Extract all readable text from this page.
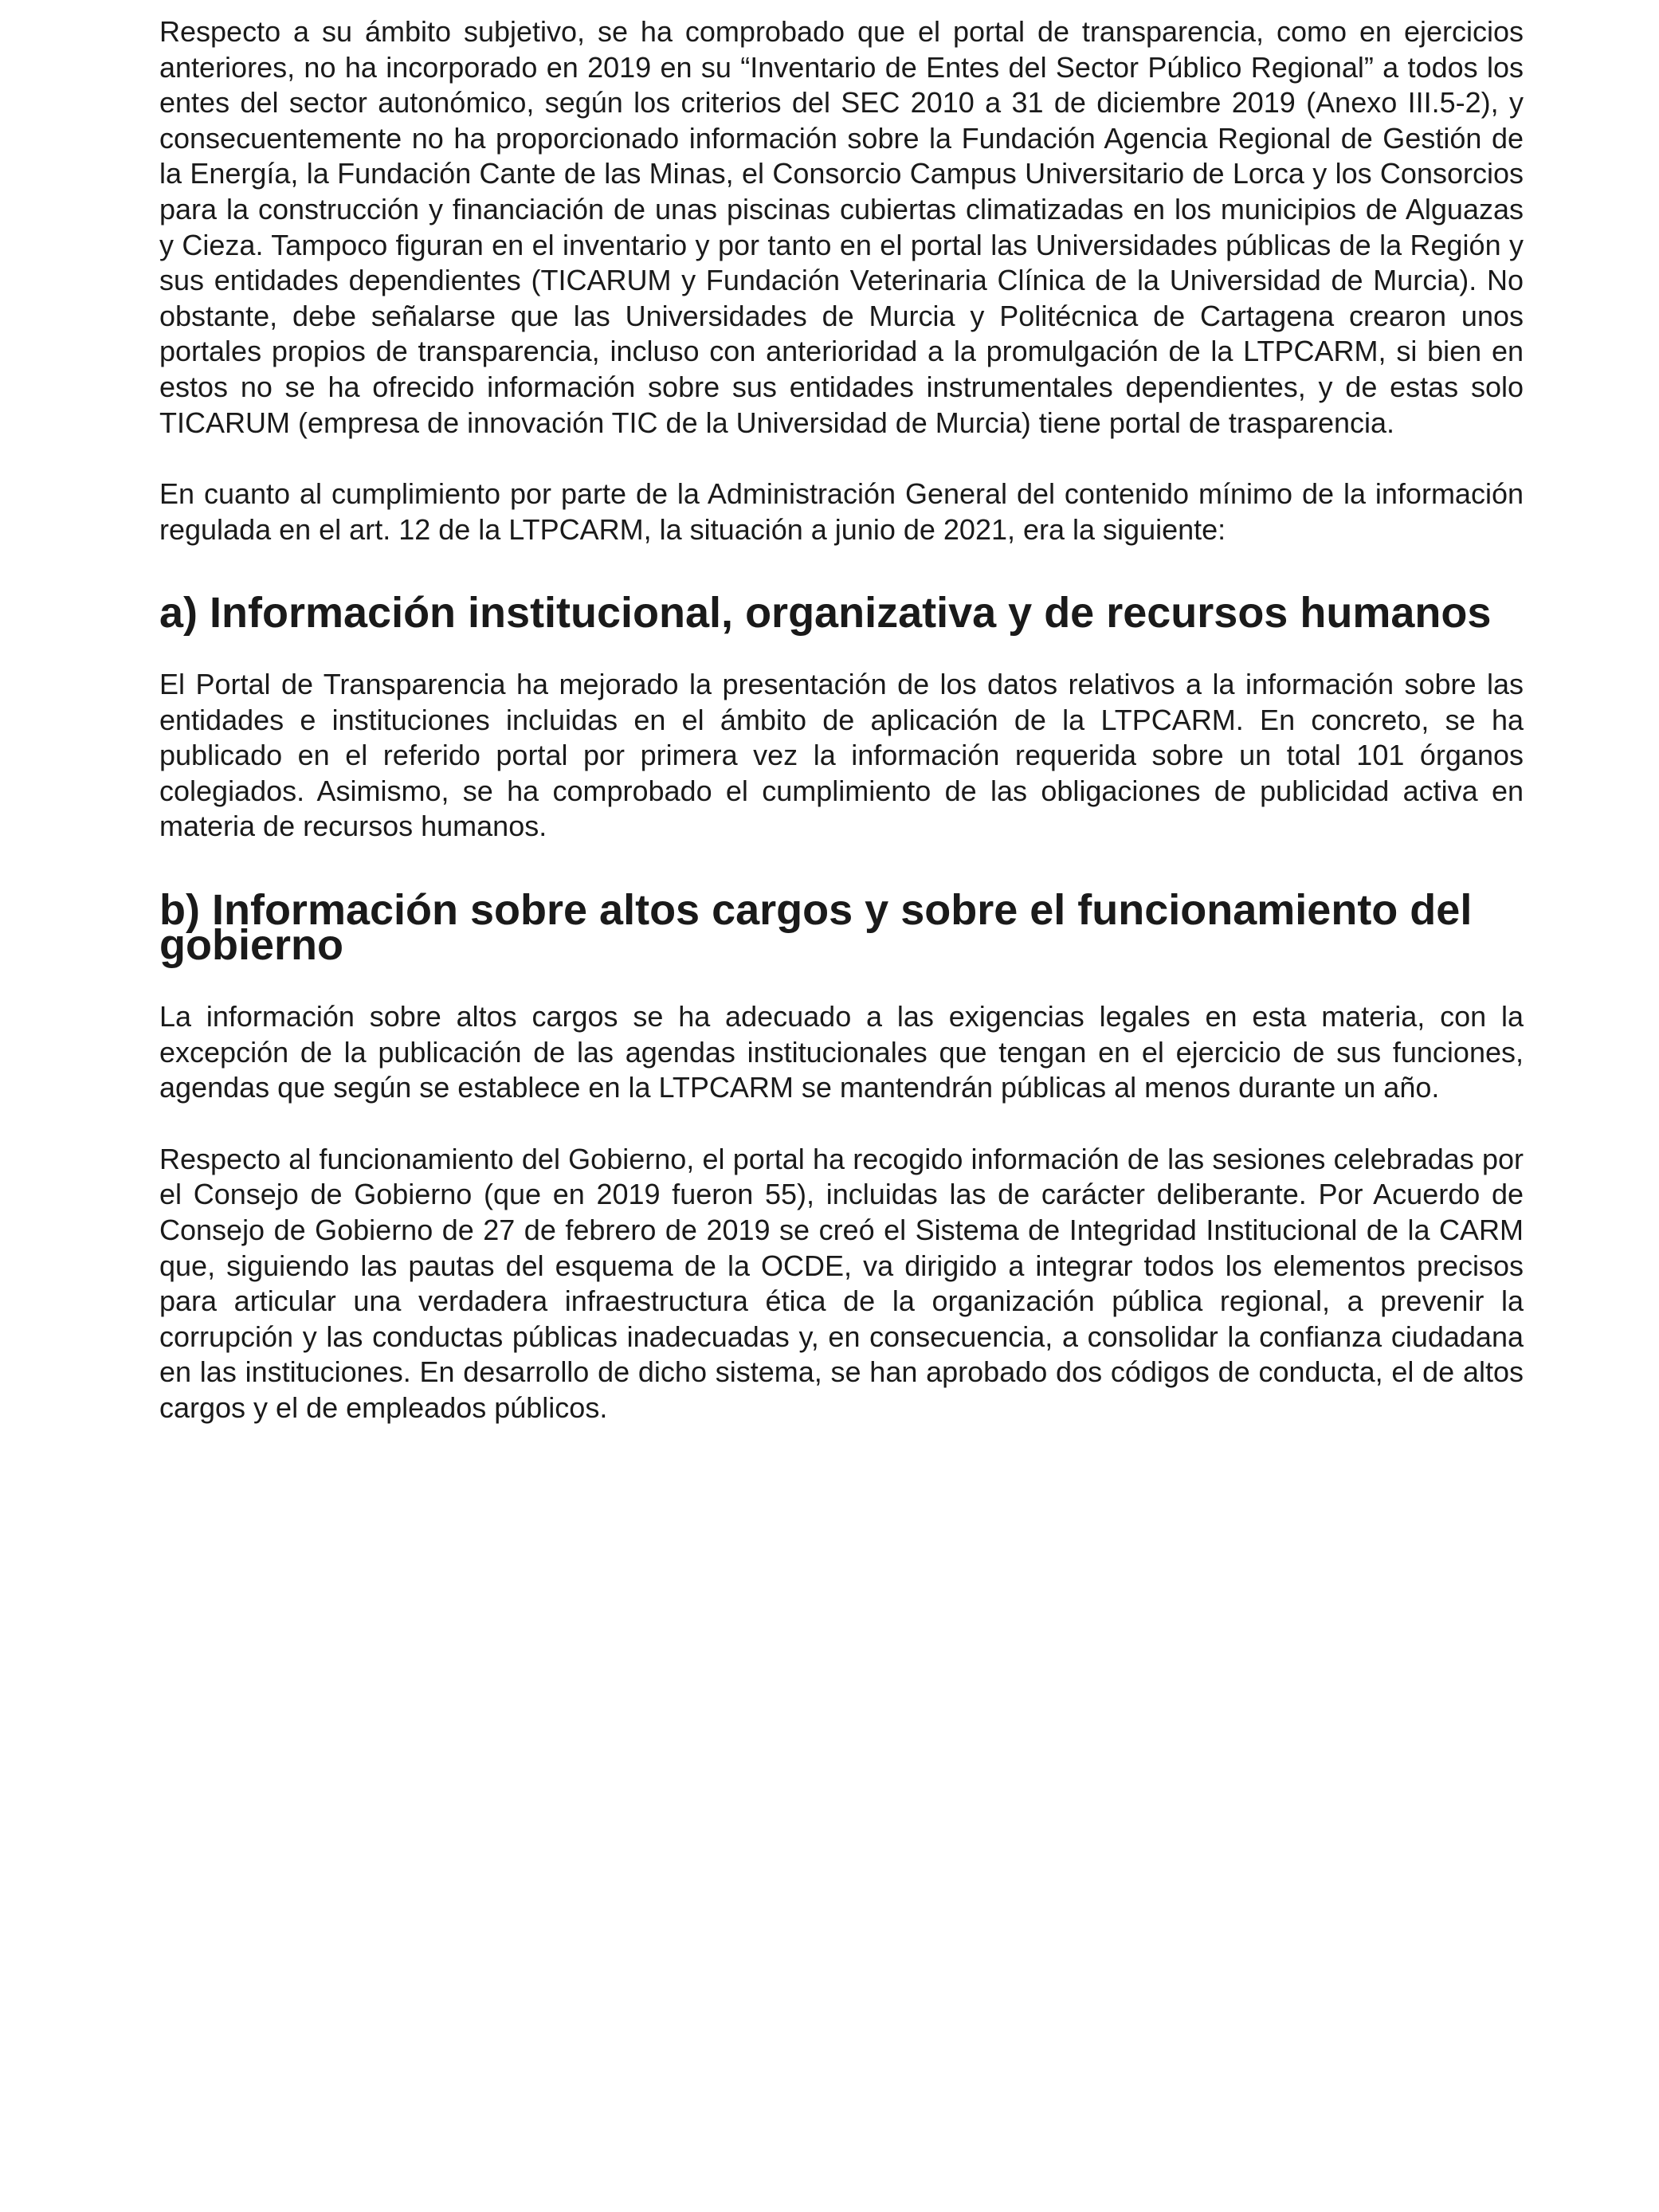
Respecto a su ámbito subjetivo, se ha comprobado que el portal de transparencia, como en ejercicios anteriores, no ha incorporado en 2019 en su “Inventario de Entes del Sector Público Regional” a todos los entes del sector autonómico, según los criterios del SEC 2010 a 31 de diciembre 2019 (Anexo III.5-2), y consecuentemente no ha proporcionado información sobre la Fundación Agencia Regional de Gestión de la Energía, la Fundación Cante de las Minas, el Consorcio Campus Universitario de Lorca y los Consorcios para la construcción y financiación de unas piscinas cubiertas climatizadas en los municipios de Alguazas y Cieza. Tampoco figuran en el inventario y por tanto en el portal las Universidades públicas de la Región y sus entidades dependientes (TICARUM y Fundación Veterinaria Clínica de la Universidad de Murcia). No obstante, debe señalarse que las Universidades de Murcia y Politécnica de Cartagena crearon unos portales propios de transparencia, incluso con anterioridad a la promulgación de la LTPCARM, si bien en estos no se ha ofrecido información sobre sus entidades instrumentales dependientes, y de estas solo TICARUM (empresa de innovación TIC de la Universidad de Murcia) tiene portal de trasparencia.

En cuanto al cumplimiento por parte de la Administración General del contenido mínimo de la información regulada en el art. 12 de la LTPCARM, la situación a junio de 2021, era la siguiente:

a) Información institucional, organizativa y de recursos humanos

El Portal de Transparencia ha mejorado la presentación de los datos relativos a la información sobre las entidades e instituciones incluidas en el ámbito de aplicación de la LTPCARM. En concreto, se ha publicado en el referido portal por primera vez la información requerida sobre un total 101 órganos colegiados. Asimismo, se ha comprobado el cumplimiento de las obligaciones de publicidad activa en materia de recursos humanos.

b) Información sobre altos cargos y sobre el funcionamiento del gobierno

La información sobre altos cargos se ha adecuado a las exigencias legales en esta materia, con la excepción de la publicación de las agendas institucionales que tengan en el ejercicio de sus funciones, agendas que según se establece en la LTPCARM se mantendrán públicas al menos durante un año.

Respecto al funcionamiento del Gobierno, el portal ha recogido información de las sesiones celebradas por el Consejo de Gobierno (que en 2019 fueron 55), incluidas las de carácter deliberante. Por Acuerdo de Consejo de Gobierno de 27 de febrero de 2019 se creó el Sistema de Integridad Institucional de la CARM que, siguiendo las pautas del esquema de la OCDE, va dirigido a integrar todos los elementos precisos para articular una verdadera infraestructura ética de la organización pública regional, a prevenir la corrupción y las conductas públicas inadecuadas y, en consecuencia, a consolidar la confianza ciudadana en las instituciones. En desarrollo de dicho sistema, se han aprobado dos códigos de conducta, el de altos cargos y el de empleados públicos.
